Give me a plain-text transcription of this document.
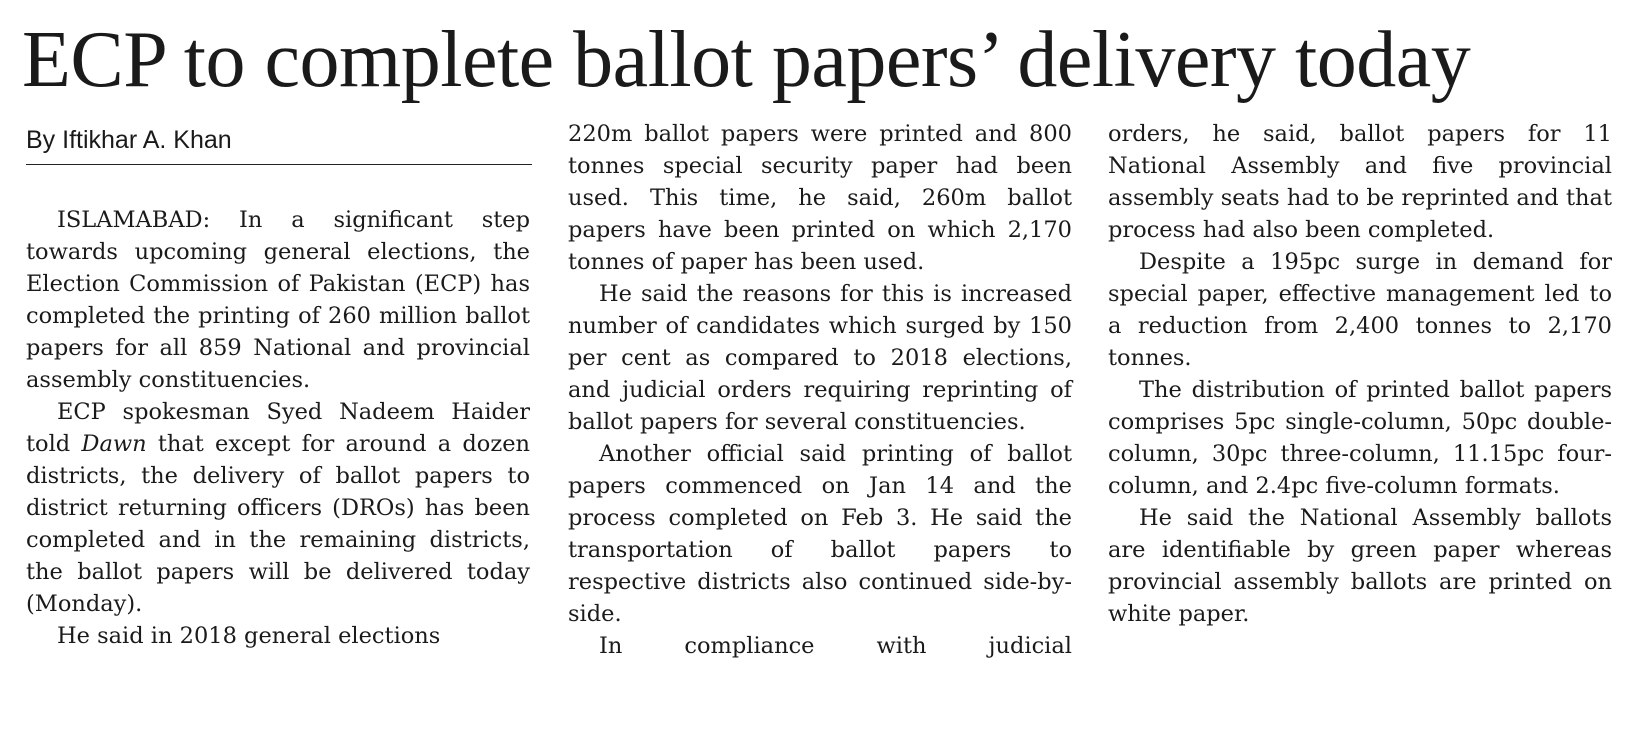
ECP to complete ballot papers’ delivery today
By Iftikhar A. Khan

ISLAMABAD: In a significant step towards upcoming general elections, the Election Commission of Pakistan (ECP) has completed the printing of 260 million ballot papers for all 859 National and provincial assembly constituencies.

ECP spokesman Syed Nadeem Haider told Dawn that except for around a dozen districts, the delivery of ballot papers to district returning officers (DROs) has been completed and in the remaining districts, the ballot papers will be delivered today (Monday).

He said in 2018 general elections

220m ballot papers were printed and 800 tonnes special security paper had been used. This time, he said, 260m ballot papers have been printed on which 2,170 tonnes of paper has been used.

He said the reasons for this is increased number of candidates which surged by 150 per cent as compared to 2018 elections, and judicial orders requiring reprinting of ballot papers for several constituencies.

Another official said printing of ballot papers commenced on Jan 14 and the process completed on Feb 3. He said the transportation of ballot papers to respective districts also continued side-by-side.

In compliance with judicial

orders, he said, ballot papers for 11 National Assembly and five provincial assembly seats had to be reprinted and that process had also been completed.

Despite a 195pc surge in demand for special paper, effective management led to a reduction from 2,400 tonnes to 2,170 tonnes.

The distribution of printed ballot papers comprises 5pc single-column, 50pc double-column, 30pc three-column, 11.15pc four-column, and 2.4pc five-column formats.

He said the National Assembly ballots are identifiable by green paper whereas provincial assembly ballots are printed on white paper.
